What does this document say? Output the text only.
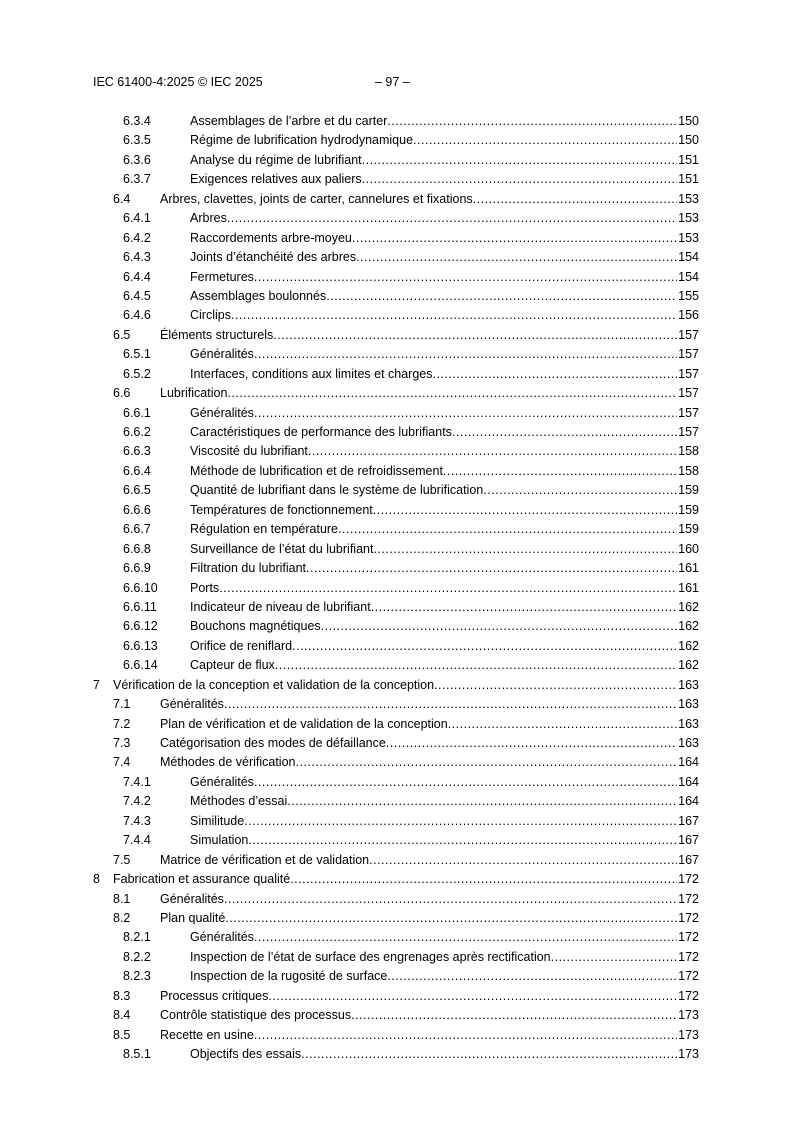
IEC 61400-4:2025 © IEC 2025	– 97 –
6.3.4	Assemblages de l’arbre et du carter .....	150
6.3.5	Régime de lubrification hydrodynamique .....	150
6.3.6	Analyse du régime de lubrifiant .....	151
6.3.7	Exigences relatives aux paliers .....	151
6.4 Arbres, clavettes, joints de carter, cannelures et fixations .....	153
6.4.1	Arbres .....	153
6.4.2	Raccordements arbre-moyeu .....	153
6.4.3	Joints d’étanchéité des arbres .....	154
6.4.4	Fermetures .....	154
6.4.5	Assemblages boulonnés .....	155
6.4.6	Circlips .....	156
6.5 Éléments structurels .....	157
6.5.1	Généralités .....	157
6.5.2	Interfaces, conditions aux limites et charges .....	157
6.6 Lubrification .....	157
6.6.1	Généralités .....	157
6.6.2	Caractéristiques de performance des lubrifiants .....	157
6.6.3	Viscosité du lubrifiant .....	158
6.6.4	Méthode de lubrification et de refroidissement .....	158
6.6.5	Quantité de lubrifiant dans le système de lubrification .....	159
6.6.6	Températures de fonctionnement .....	159
6.6.7	Régulation en température .....	159
6.6.8	Surveillance de l’état du lubrifiant .....	160
6.6.9	Filtration du lubrifiant .....	161
6.6.10	Ports .....	161
6.6.11	Indicateur de niveau de lubrifiant .....	162
6.6.12	Bouchons magnétiques .....	162
6.6.13	Orifice de reniflard .....	162
6.6.14	Capteur de flux .....	162
7 Vérification de la conception et validation de la conception .....	163
7.1 Généralités .....	163
7.2 Plan de vérification et de validation de la conception .....	163
7.3 Catégorisation des modes de défaillance .....	163
7.4 Méthodes de vérification .....	164
7.4.1	Généralités .....	164
7.4.2	Méthodes d’essai .....	164
7.4.3	Similitude .....	167
7.4.4	Simulation .....	167
7.5 Matrice de vérification et de validation .....	167
8 Fabrication et assurance qualité .....	172
8.1 Généralités .....	172
8.2 Plan qualité .....	172
8.2.1	Généralités .....	172
8.2.2	Inspection de l’état de surface des engrenages après rectification .....	172
8.2.3	Inspection de la rugosité de surface .....	172
8.3 Processus critiques .....	172
8.4 Contrôle statistique des processus .....	173
8.5 Recette en usine .....	173
8.5.1	Objectifs des essais .....	173
